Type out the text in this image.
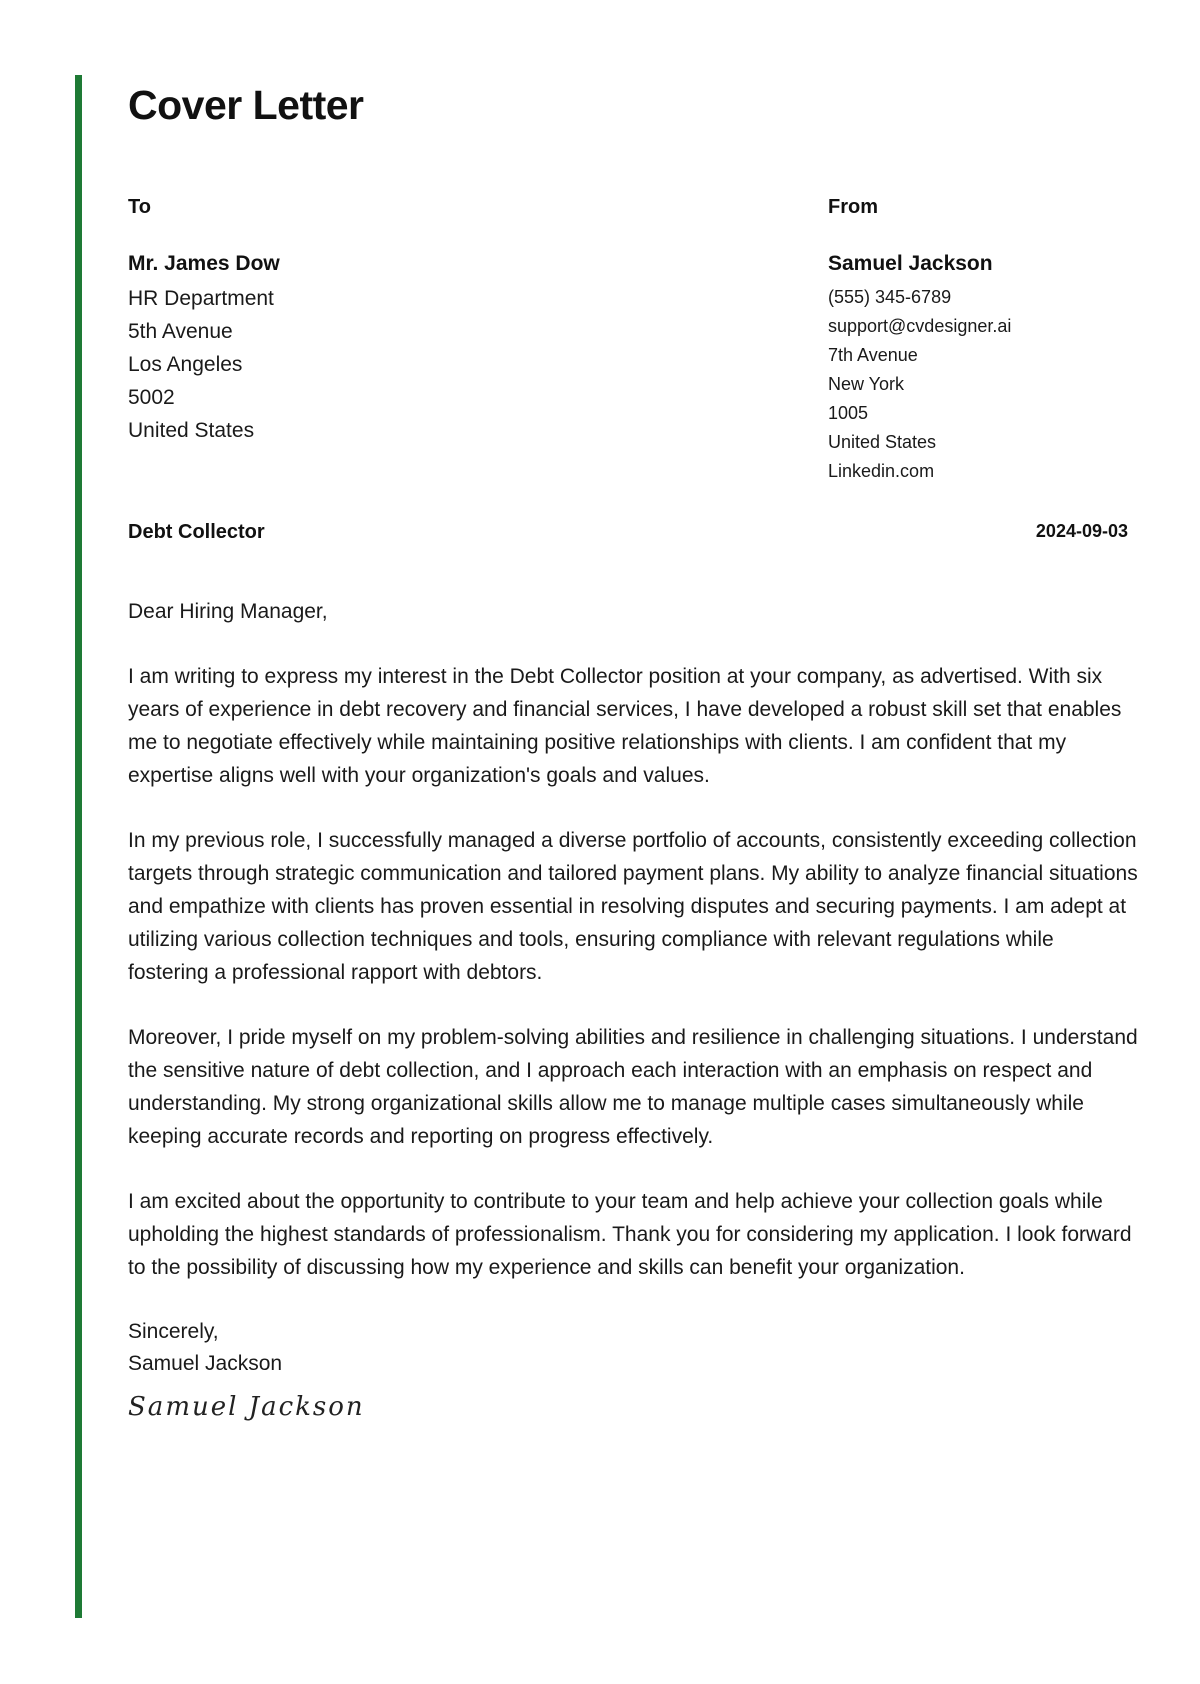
Cover Letter
To
Mr. James Dow
HR Department
5th Avenue
Los Angeles
5002
United States
From
Samuel Jackson
(555) 345-6789
support@cvdesigner.ai
7th Avenue
New York
1005
United States
Linkedin.com
Debt Collector	2024-09-03

Dear Hiring Manager,

I am writing to express my interest in the Debt Collector position at your company, as advertised. With six years of experience in debt recovery and financial services, I have developed a robust skill set that enables me to negotiate effectively while maintaining positive relationships with clients. I am confident that my expertise aligns well with your organization's goals and values.

In my previous role, I successfully managed a diverse portfolio of accounts, consistently exceeding collection targets through strategic communication and tailored payment plans. My ability to analyze financial situations and empathize with clients has proven essential in resolving disputes and securing payments. I am adept at utilizing various collection techniques and tools, ensuring compliance with relevant regulations while fostering a professional rapport with debtors.

Moreover, I pride myself on my problem-solving abilities and resilience in challenging situations. I understand the sensitive nature of debt collection, and I approach each interaction with an emphasis on respect and understanding. My strong organizational skills allow me to manage multiple cases simultaneously while keeping accurate records and reporting on progress effectively.

I am excited about the opportunity to contribute to your team and help achieve your collection goals while upholding the highest standards of professionalism. Thank you for considering my application. I look forward to the possibility of discussing how my experience and skills can benefit your organization.

Sincerely,

Samuel Jackson

Samuel Jackson
